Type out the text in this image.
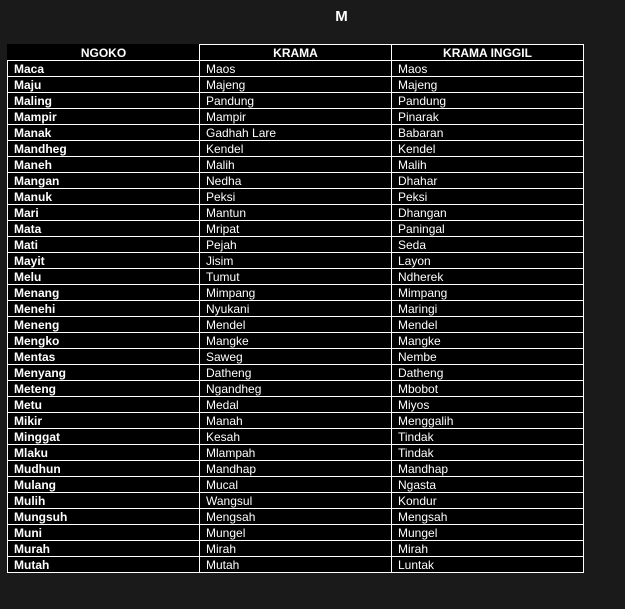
M
NGOKO	KRAMA	KRAMA INGGIL
Maca	Maos	Maos
Maju	Majeng	Majeng
Maling	Pandung	Pandung
Mampir	Mampir	Pinarak
Manak	Gadhah Lare	Babaran
Mandheg	Kendel	Kendel
Maneh	Malih	Malih
Mangan	Nedha	Dhahar
Manuk	Peksi	Peksi
Mari	Mantun	Dhangan
Mata	Mripat	Paningal
Mati	Pejah	Seda
Mayit	Jisim	Layon
Melu	Tumut	Ndherek
Menang	Mimpang	Mimpang
Menehi	Nyukani	Maringi
Meneng	Mendel	Mendel
Mengko	Mangke	Mangke
Mentas	Saweg	Nembe
Menyang	Datheng	Datheng
Meteng	Ngandheg	Mbobot
Metu	Medal	Miyos
Mikir	Manah	Menggalih
Minggat	Kesah	Tindak
Mlaku	Mlampah	Tindak
Mudhun	Mandhap	Mandhap
Mulang	Mucal	Ngasta
Mulih	Wangsul	Kondur
Mungsuh	Mengsah	Mengsah
Muni	Mungel	Mungel
Murah	Mirah	Mirah
Mutah	Mutah	Luntak
